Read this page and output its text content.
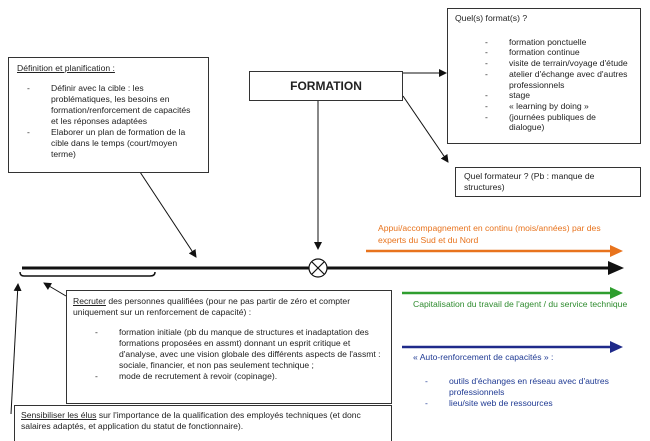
Définition et planification :

-	Définir avec la cible : les problématiques, les besoins en formation/renforcement de capacités et les réponses adaptées
-	Elaborer un plan de formation de la cible dans le temps (court/moyen terme)
FORMATION

Quel(s) format(s) ?

-	formation ponctuelle
-	formation continue
-	visite de terrain/voyage d'étude
-	atelier d'échange avec d'autres professionnels
-	stage
-	« learning by doing »
-	(journées publiques de dialogue)

Quel formateur ? (Pb : manque de structures)

Appui/accompagnement en continu (mois/années) par des experts du Sud et du Nord
Capitalisation du travail de l'agent / du service technique

« Auto-renforcement de capacités » :

-	outils d'échanges en réseau avec d'autres professionnels
-	lieu/site web de ressources

Recruter des personnes qualifiées (pour ne pas partir de zéro et compter uniquement sur un renforcement de capacité) :

-	formation initiale (pb du manque de structures et inadaptation des formations proposées en assmt) donnant un esprit critique et d'analyse, avec une vision globale des différents aspects de l'assmt : sociale, financier, et non pas seulement technique ;
-	mode de recrutement à revoir (copinage).

Sensibiliser les élus sur l'importance de la qualification des employés techniques (et donc salaires adaptés, et application du statut de fonctionnaire).
